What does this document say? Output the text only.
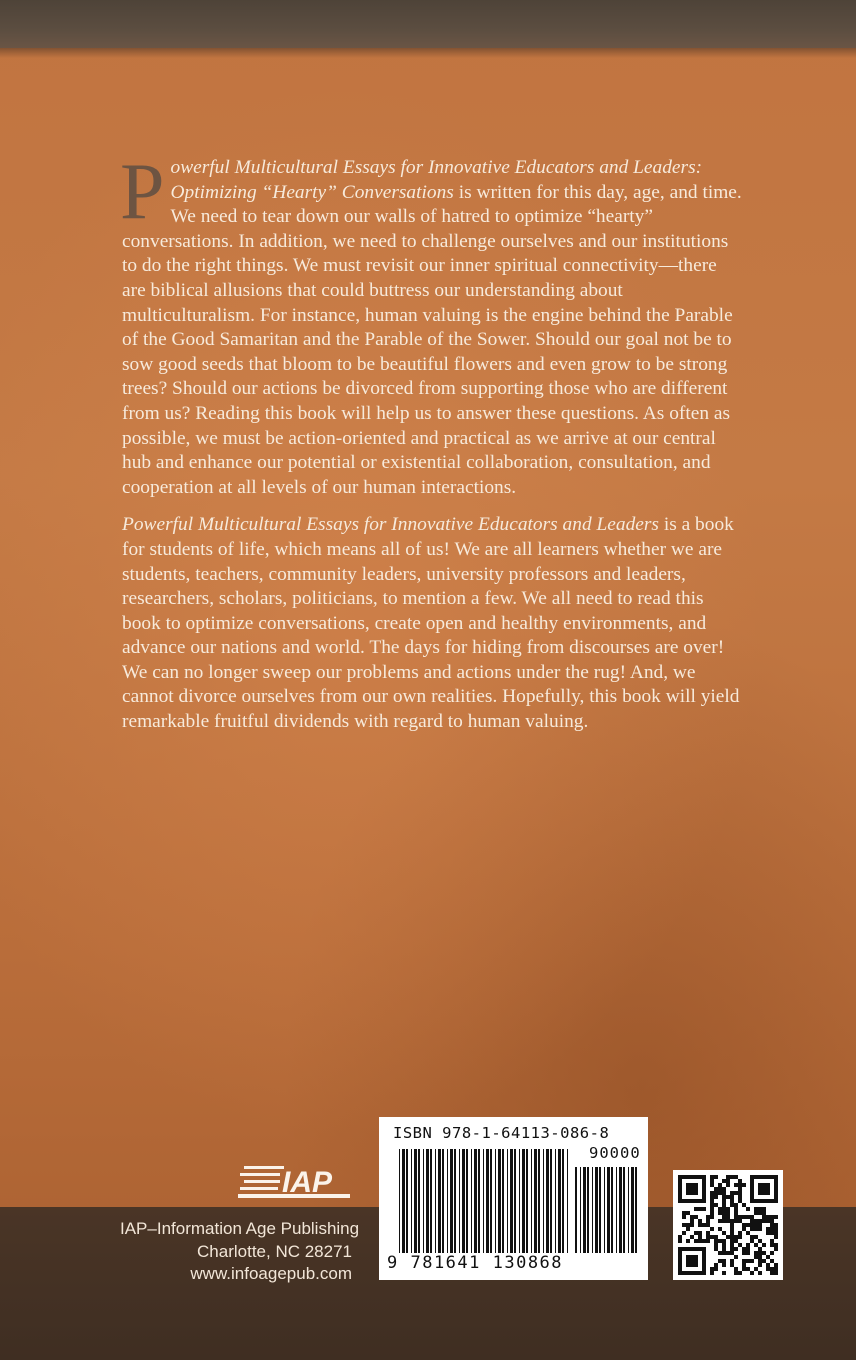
Powerful Multicultural Essays for Innovative Educators and Leaders: Optimizing “Hearty” Conversations is written for this day, age, and time. We need to tear down our walls of hatred to optimize “hearty” conversations. In addition, we need to challenge ourselves and our institutions to do the right things. We must revisit our inner spiritual connectivity—there are biblical allusions that could buttress our understanding about multiculturalism. For instance, human valuing is the engine behind the Parable of the Good Samaritan and the Parable of the Sower. Should our goal not be to sow good seeds that bloom to be beautiful flowers and even grow to be strong trees? Should our actions be divorced from supporting those who are different from us? Reading this book will help us to answer these questions. As often as possible, we must be action-oriented and practical as we arrive at our central hub and enhance our potential or existential collaboration, consultation, and cooperation at all levels of our human interactions.

Powerful Multicultural Essays for Innovative Educators and Leaders is a book for students of life, which means all of us! We are all learners whether we are students, teachers, community leaders, university professors and leaders, researchers, scholars, politicians, to mention a few. We all need to read this book to optimize conversations, create open and healthy environments, and advance our nations and world. The days for hiding from discourses are over! We can no longer sweep our problems and actions under the rug! And, we cannot divorce ourselves from our own realities. Hopefully, this book will yield remarkable fruitful dividends with regard to human valuing.

IAP
IAP–Information Age Publishing
Charlotte, NC 28271
www.infoagepub.com
ISBN 978-1-64113-086-8
90000
9 781641 130868
